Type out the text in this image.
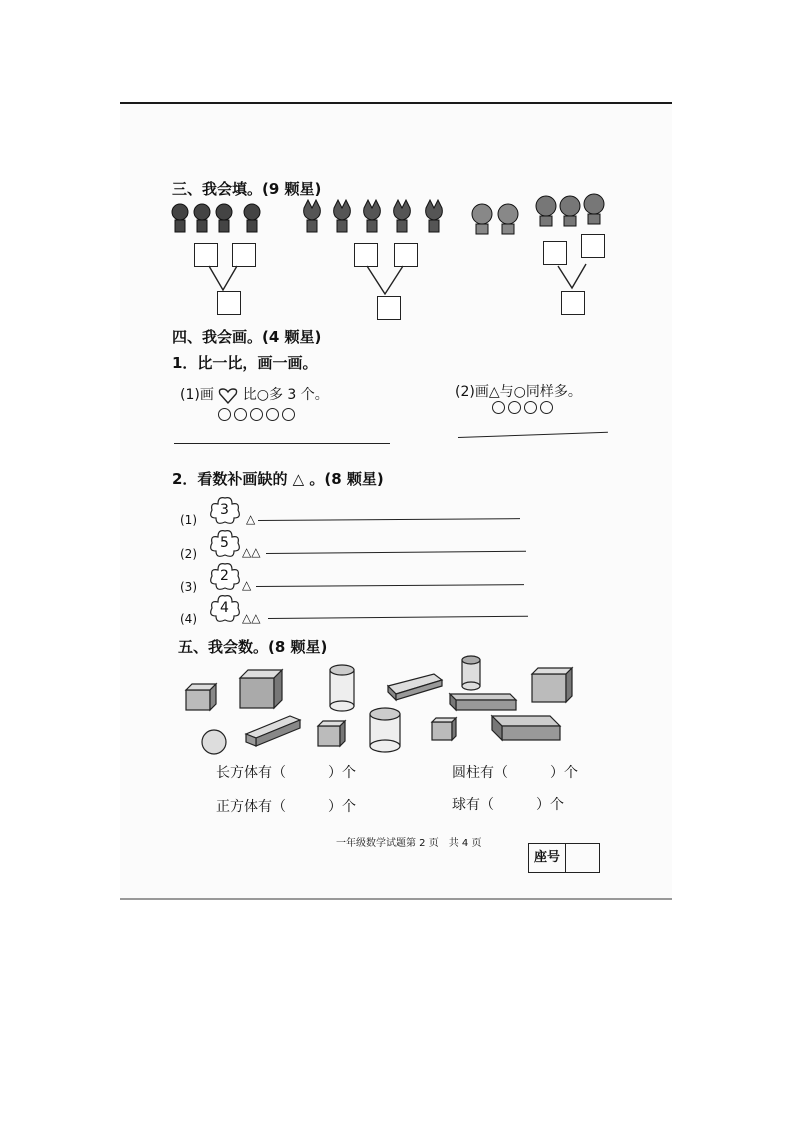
三、我会填。(9 颗星)
四、我会画。(4 颗星)
1．比一比，画一画。
(1)画 比○多 3 个。	(2)画△与○同样多。
2．看数补画缺的 △ 。(8 颗星)
(1)
3
△
(2)
5
△△
(3)
2
△
(4)
4
△△
五、我会数。(8 颗星)
长方体有（　　　）个	圆柱有（　　　）个
正方体有（　　　）个	球有（　　　）个
一年级数学试题第 2 页　共 4 页
座号
